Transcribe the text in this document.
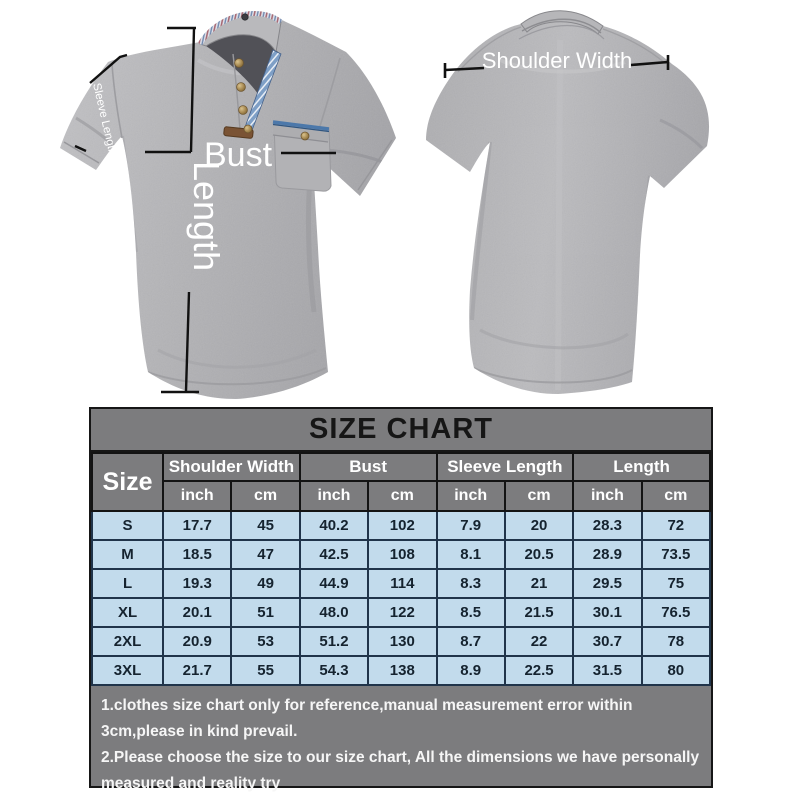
Bust
Length
Sleeve Length
Shoulder Width
SIZE CHART
Size	Shoulder Width		Bust		Sleeve Length		Length	
	inch	cm	inch	cm	inch	cm	inch	cm
S	17.7	45	40.2	102	7.9	20	28.3	72
M	18.5	47	42.5	108	8.1	20.5	28.9	73.5
L	19.3	49	44.9	114	8.3	21	29.5	75
XL	20.1	51	48.0	122	8.5	21.5	30.1	76.5
2XL	20.9	53	51.2	130	8.7	22	30.7	78
3XL	21.7	55	54.3	138	8.9	22.5	31.5	80

1.clothes size chart only for reference,manual measurement error within 3cm,please in kind prevail.

2.Please choose the size to our size chart, All the dimensions we have personally measured and reality try
